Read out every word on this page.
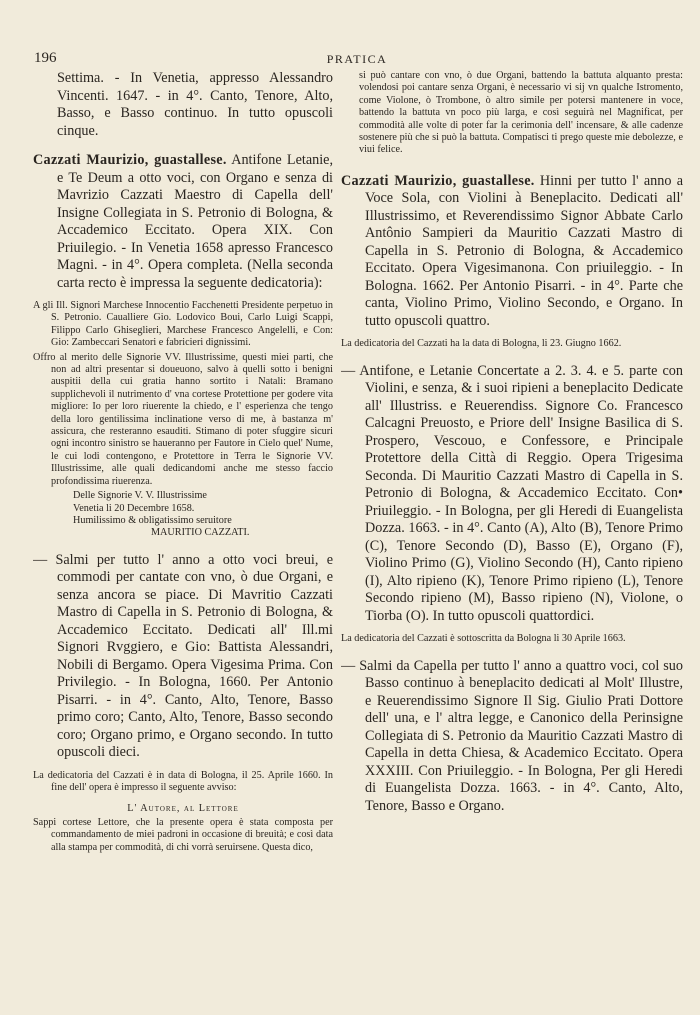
196	PRATICA

Settima. - In Venetia, appresso Alessandro Vincenti. 1647. - in 4°. Canto, Tenore, Alto, Basso, e Basso continuo. In tutto opuscoli cinque.

Cazzati Maurizio, guastallese. Antifone Letanie, e Te Deum a otto voci, con Organo e senza di Mavrizio Cazzati Maestro di Capella dell' Insigne Collegiata in S. Petronio di Bologna, & Accademico Eccitato. Opera XIX. Con Priuilegio. - In Venetia 1658 apresso Francesco Magni. - in 4°. Opera completa. (Nella seconda carta recto è impressa la seguente dedicatoria):

A gli Ill. Signori Marchese Innocentio Facchenetti Presidente perpetuo in S. Petronio. Caualliere Gio. Lodovico Boui, Carlo Luigi Scappi, Filippo Carlo Ghiseglieri, Marchese Francesco Angelelli, e Con: Gio: Zambeccari Senatori e fabricieri dignissimi.

Offro al merito delle Signorie VV. Illustrissime, questi miei parti, che non ad altri presentar si doueuono, salvo à quelli sotto i benigni auspitii della cui gratia hanno sortito i Natali: Bramano supplichevoli il nutrimento d' vna cortese Protettione per godere vita migliore: Io per loro riuerente la chiedo, e l' esperienza che tengo della loro gentilissima inclinatione verso di me, à bastanza m' assicura, che resteranno esauditi. Stimano di poter sfuggire sicuri ogni incontro sinistro se haueranno per Fautore in Cielo quel' Nume, le cui lodi contengono, e Protettore in Terra le Signorie VV. Illustrissime, alle quali dedicandomi anche me stesso faccio profondissima riuerenza.

Delle Signorie V. V. Illustrissime

Venetia li 20 Decembre 1658.

Humilissimo & obligatissimo seruitore

MAURITIO CAZZATI.

— Salmi per tutto l' anno a otto voci breui, e commodi per cantate con vno, ò due Organi, e senza ancora se piace. Di Mavritio Cazzati Mastro di Capella in S. Petronio di Bologna, & Accademico Eccitato. Dedicati all' Ill.mi Signori Rvggiero, e Gio: Battista Alessandri, Nobili di Bergamo. Opera Vigesima Prima. Con Privilegio. - In Bologna, 1660. Per Antonio Pisarri. - in 4°. Canto, Alto, Tenore, Basso primo coro; Canto, Alto, Tenore, Basso secondo coro; Organo primo, e Organo secondo. In tutto opuscoli dieci.

La dedicatoria del Cazzati è in data di Bologna, il 25. Aprile 1660. In fine dell' opera è impresso il seguente avviso:

L' Autore, al Lettore

Sappi cortese Lettore, che la presente opera è stata composta per commandamento de miei padroni in occasione di breuità; e così data alla stampa per commodità, di chi vorrà seruirsene. Questa dico,

si può cantare con vno, ò due Organi, battendo la battuta alquanto presta: volendosi poi cantare senza Organi, è necessario vi sij vn qualche Istromento, come Violone, ò Trombone, ò altro simile per potersi mantenere in voce, battendo la battuta vn poco più larga, e così seguirà nel Magnificat, per commodità alle volte di poter far la cerimonia dell' incensare, & alle cadenze sostenere più che si può la battuta. Compatisci ti prego queste mie debolezze, e viui felice.

Cazzati Maurizio, guastallese. Hinni per tutto l' anno a Voce Sola, con Violini à Beneplacito. Dedicati all' Illustrissimo, et Reverendissimo Signor Abbate Carlo Antônio Sampieri da Mauritio Cazzati Mastro di Capella in S. Petronio di Bologna, & Accademico Eccitato. Opera Vigesimanona. Con priuileggio. - In Bologna. 1662. Per Antonio Pisarri. - in 4°. Parte che canta, Violino Primo, Violino Secondo, e Organo. In tutto opuscoli quattro.

La dedicatoria del Cazzati ha la data di Bologna, li 23. Giugno 1662.

— Antifone, e Letanie Concertate a 2. 3. 4. e 5. parte con Violini, e senza, & i suoi ripieni a beneplacito Dedicate all' Illustriss. e Reuerendiss. Signore Co. Francesco Calcagni Preuosto, e Priore dell' Insigne Basilica di S. Prospero, Vescouo, e Confessore, e Principale Protettore della Città di Reggio. Opera Trigesima Seconda. Di Mauritio Cazzati Mastro di Capella in S. Petronio di Bologna, & Accademico Eccitato. Con• Priuileggio. - In Bologna, per gli Heredi di Euangelista Dozza. 1663. - in 4°. Canto (A), Alto (B), Tenore Primo (C), Tenore Secondo (D), Basso (E), Organo (F), Violino Primo (G), Violino Secondo (H), Canto ripieno (I), Alto ripieno (K), Tenore Primo ripieno (L), Tenore Secondo ripieno (M), Basso ripieno (N), Violone, o Tiorba (O). In tutto opuscoli quattordici.

La dedicatoria del Cazzati è sottoscritta da Bologna li 30 Aprile 1663.

— Salmi da Capella per tutto l' anno a quattro voci, col suo Basso continuo à beneplacito dedicati al Molt' Illustre, e Reuerendissimo Signore Il Sig. Giulio Prati Dottore dell' una, e l' altra legge, e Canonico della Perinsigne Collegiata di S. Petronio da Mauritio Cazzati Mastro di Capella in detta Chiesa, & Academico Eccitato. Opera XXXIII. Con Priuileggio. - In Bologna, Per gli Heredi di Euangelista Dozza. 1663. - in 4°. Canto, Alto, Tenore, Basso e Organo.
